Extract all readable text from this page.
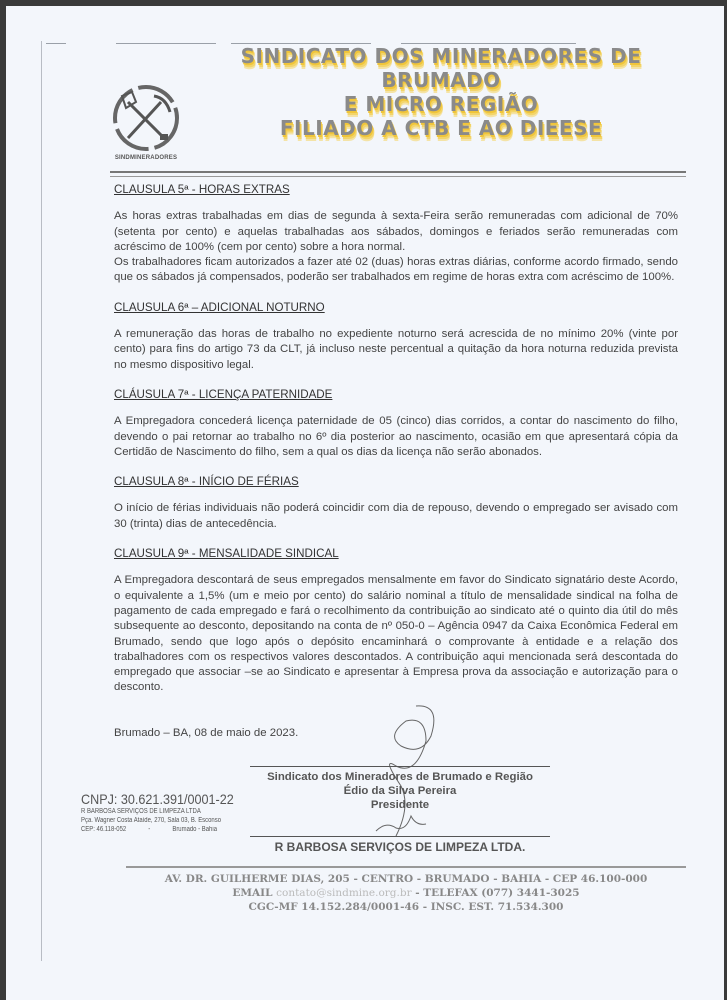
SINDMINERADORES
SINDICATO DOS MINERADORES DE
BRUMADO
E MICRO REGIÃO
FILIADO A CTB E AO DIEESE
CLAUSULA 5ª - HORAS EXTRAS

As horas extras trabalhadas em dias de segunda à sexta-Feira serão remuneradas com adicional de 70% (setenta por cento) e aquelas trabalhadas aos sábados, domingos e feriados serão remuneradas com acréscimo de 100% (cem por cento) sobre a hora normal.

Os trabalhadores ficam autorizados a fazer até 02 (duas) horas extras diárias, conforme acordo firmado, sendo que os sábados já compensados, poderão ser trabalhados em regime de horas extra com acréscimo de 100%.

CLAUSULA 6ª – ADICIONAL NOTURNO

A remuneração das horas de trabalho no expediente noturno será acrescida de no mínimo 20% (vinte por cento) para fins do artigo 73 da CLT, já incluso neste percentual a quitação da hora noturna reduzida prevista no mesmo dispositivo legal.

CLÁUSULA 7ª - LICENÇA PATERNIDADE

A Empregadora concederá licença paternidade de 05 (cinco) dias corridos, a contar do nascimento do filho, devendo o pai retornar ao trabalho no 6º dia posterior ao nascimento, ocasião em que apresentará cópia da Certidão de Nascimento do filho, sem a qual os dias da licença não serão abonados.

CLAUSULA 8ª - INÍCIO DE FÉRIAS

O início de férias individuais não poderá coincidir com dia de repouso, devendo o empregado ser avisado com 30 (trinta) dias de antecedência.

CLAUSULA 9ª - MENSALIDADE SINDICAL

A Empregadora descontará de seus empregados mensalmente em favor do Sindicato signatário deste Acordo, o equivalente a 1,5% (um e meio por cento) do salário nominal a título de mensalidade sindical na folha de pagamento de cada empregado e fará o recolhimento da contribuição ao sindicato até o quinto dia útil do mês subsequente ao desconto, depositando na conta de nº 050-0 – Agência 0947 da Caixa Econômica Federal em Brumado, sendo que logo após o depósito encaminhará o comprovante à entidade e a relação dos trabalhadores com os respectivos valores descontados. A contribuição aqui mencionada será descontada do empregado que associar –se ao Sindicato e apresentar à Empresa prova da associação e autorização para o desconto.

Brumado – BA, 08 de maio de 2023.
Sindicato dos Mineradores de Brumado e Região
Édio da Silva Pereira
Presidente
R BARBOSA SERVIÇOS DE LIMPEZA LTDA.
CNPJ: 30.621.391/0001-22
R BARBOSA SERVIÇOS DE LIMPEZA LTDA
Pça. Wagner Costa Ataíde, 270, Sala 03, B. Esconso
CEP: 46.118-052	-	Brumado - Bahia
AV. DR. GUILHERME DIAS, 205 - CENTRO - BRUMADO - BAHIA - CEP 46.100-000
EMAIL contato@sindmine.org.br - TELEFAX (077) 3441-3025
CGC-MF 14.152.284/0001-46 - INSC. EST. 71.534.300
